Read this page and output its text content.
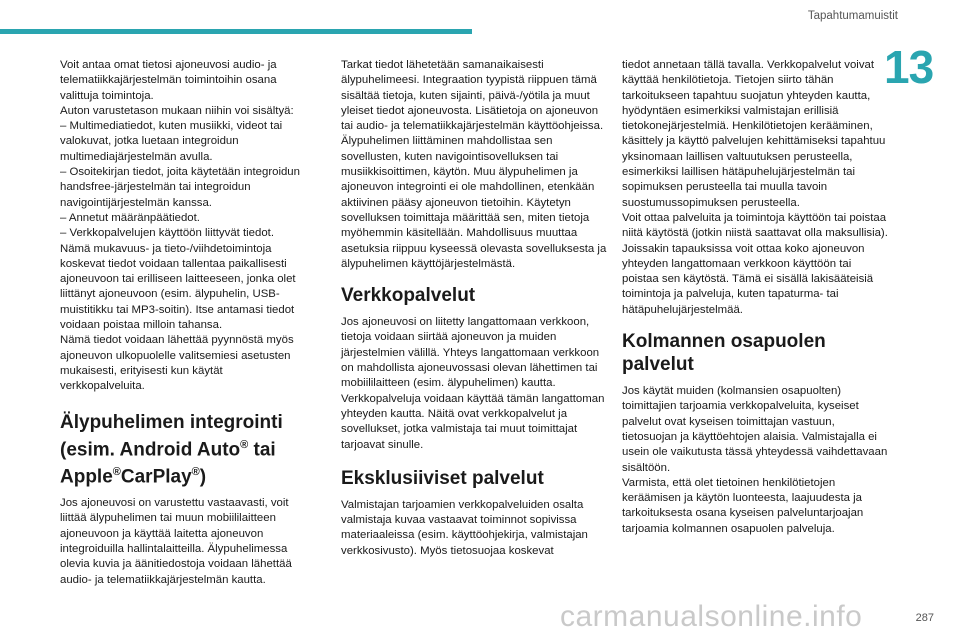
Tapahtumamuistit
13

Voit antaa omat tietosi ajoneuvosi audio- ja telematiikkajärjestelmän toimintoihin osana valittuja toimintoja.

Auton varustetason mukaan niihin voi sisältyä:

– Multimediatiedot, kuten musiikki, videot tai valokuvat, jotka luetaan integroidun multimediajärjestelmän avulla.

– Osoitekirjan tiedot, joita käytetään integroidun handsfree-järjestelmän tai integroidun navigointijärjestelmän kanssa.

– Annetut määränpäätiedot.

– Verkkopalvelujen käyttöön liittyvät tiedot.

Nämä mukavuus- ja tieto-/viihdetoimintoja koskevat tiedot voidaan tallentaa paikallisesti ajoneuvoon tai erilliseen laitteeseen, jonka olet liittänyt ajoneuvoon (esim. älypuhelin, USB-muistitikku tai MP3-soitin). Itse antamasi tiedot voidaan poistaa milloin tahansa.

Nämä tiedot voidaan lähettää pyynnöstä myös ajoneuvon ulkopuolelle valitsemiesi asetusten mukaisesti, erityisesti kun käytät verkkopalveluita.

Älypuhelimen integrointi (esim. Android Auto® tai Apple®CarPlay®)

Jos ajoneuvosi on varustettu vastaavasti, voit liittää älypuhelimen tai muun mobiililaitteen ajoneuvoon ja käyttää laitetta ajoneuvon integroiduilla hallintalaitteilla. Älypuhelimessa olevia kuvia ja äänitiedostoja voidaan lähettää audio- ja telematiikkajärjestelmän kautta.

Tarkat tiedot lähetetään samanaikaisesti älypuhelimeesi. Integraation tyypistä riippuen tämä sisältää tietoja, kuten sijainti, päivä-/yötila ja muut yleiset tiedot ajoneuvosta. Lisätietoja on ajoneuvon tai audio- ja telematiikkajärjestelmän käyttöohjeissa.

Älypuhelimen liittäminen mahdollistaa sen sovellusten, kuten navigointisovelluksen tai musiikkisoittimen, käytön. Muu älypuhelimen ja ajoneuvon integrointi ei ole mahdollinen, etenkään aktiivinen pääsy ajoneuvon tietoihin. Käytetyn sovelluksen toimittaja määrittää sen, miten tietoja myöhemmin käsitellään. Mahdollisuus muuttaa asetuksia riippuu kyseessä olevasta sovelluksesta ja älypuhelimen käyttöjärjestelmästä.

Verkkopalvelut

Jos ajoneuvosi on liitetty langattomaan verkkoon, tietoja voidaan siirtää ajoneuvon ja muiden järjestelmien välillä. Yhteys langattomaan verkkoon on mahdollista ajoneuvossasi olevan lähettimen tai mobiililaitteen (esim. älypuhelimen) kautta. Verkkopalveluja voidaan käyttää tämän langattoman yhteyden kautta. Näitä ovat verkkopalvelut ja sovellukset, jotka valmistaja tai muut toimittajat tarjoavat sinulle.

Eksklusiiviset palvelut

Valmistajan tarjoamien verkkopalveluiden osalta valmistaja kuvaa vastaavat toiminnot sopivissa materiaaleissa (esim. käyttöohjekirja, valmistajan verkkosivusto). Myös tietosuojaa koskevat

tiedot annetaan tällä tavalla. Verkkopalvelut voivat käyttää henkilötietoja. Tietojen siirto tähän tarkoitukseen tapahtuu suojatun yhteyden kautta, hyödyntäen esimerkiksi valmistajan erillisiä tietokonejärjestelmiä. Henkilötietojen kerääminen, käsittely ja käyttö palvelujen kehittämiseksi tapahtuu yksinomaan laillisen valtuutuksen perusteella, esimerkiksi laillisen hätäpuhelujärjestelmän tai sopimuksen perusteella tai muulla tavoin suostumussopimuksen perusteella.

Voit ottaa palveluita ja toimintoja käyttöön tai poistaa niitä käytöstä (jotkin niistä saattavat olla maksullisia). Joissakin tapauksissa voit ottaa koko ajoneuvon yhteyden langattomaan verkkoon käyttöön tai poistaa sen käytöstä. Tämä ei sisällä lakisääteisiä toimintoja ja palveluja, kuten tapaturma- tai hätäpuhelujärjestelmää.

Kolmannen osapuolen palvelut

Jos käytät muiden (kolmansien osapuolten) toimittajien tarjoamia verkkopalveluita, kyseiset palvelut ovat kyseisen toimittajan vastuun, tietosuojan ja käyttöehtojen alaisia. Valmistajalla ei usein ole vaikutusta tässä yhteydessä vaihdettavaan sisältöön.

Varmista, että olet tietoinen henkilötietojen keräämisen ja käytön luonteesta, laajuudesta ja tarkoituksesta osana kyseisen palveluntarjoajan tarjoamia kolmannen osapuolen palveluja.

carmanualsonline.info	287
